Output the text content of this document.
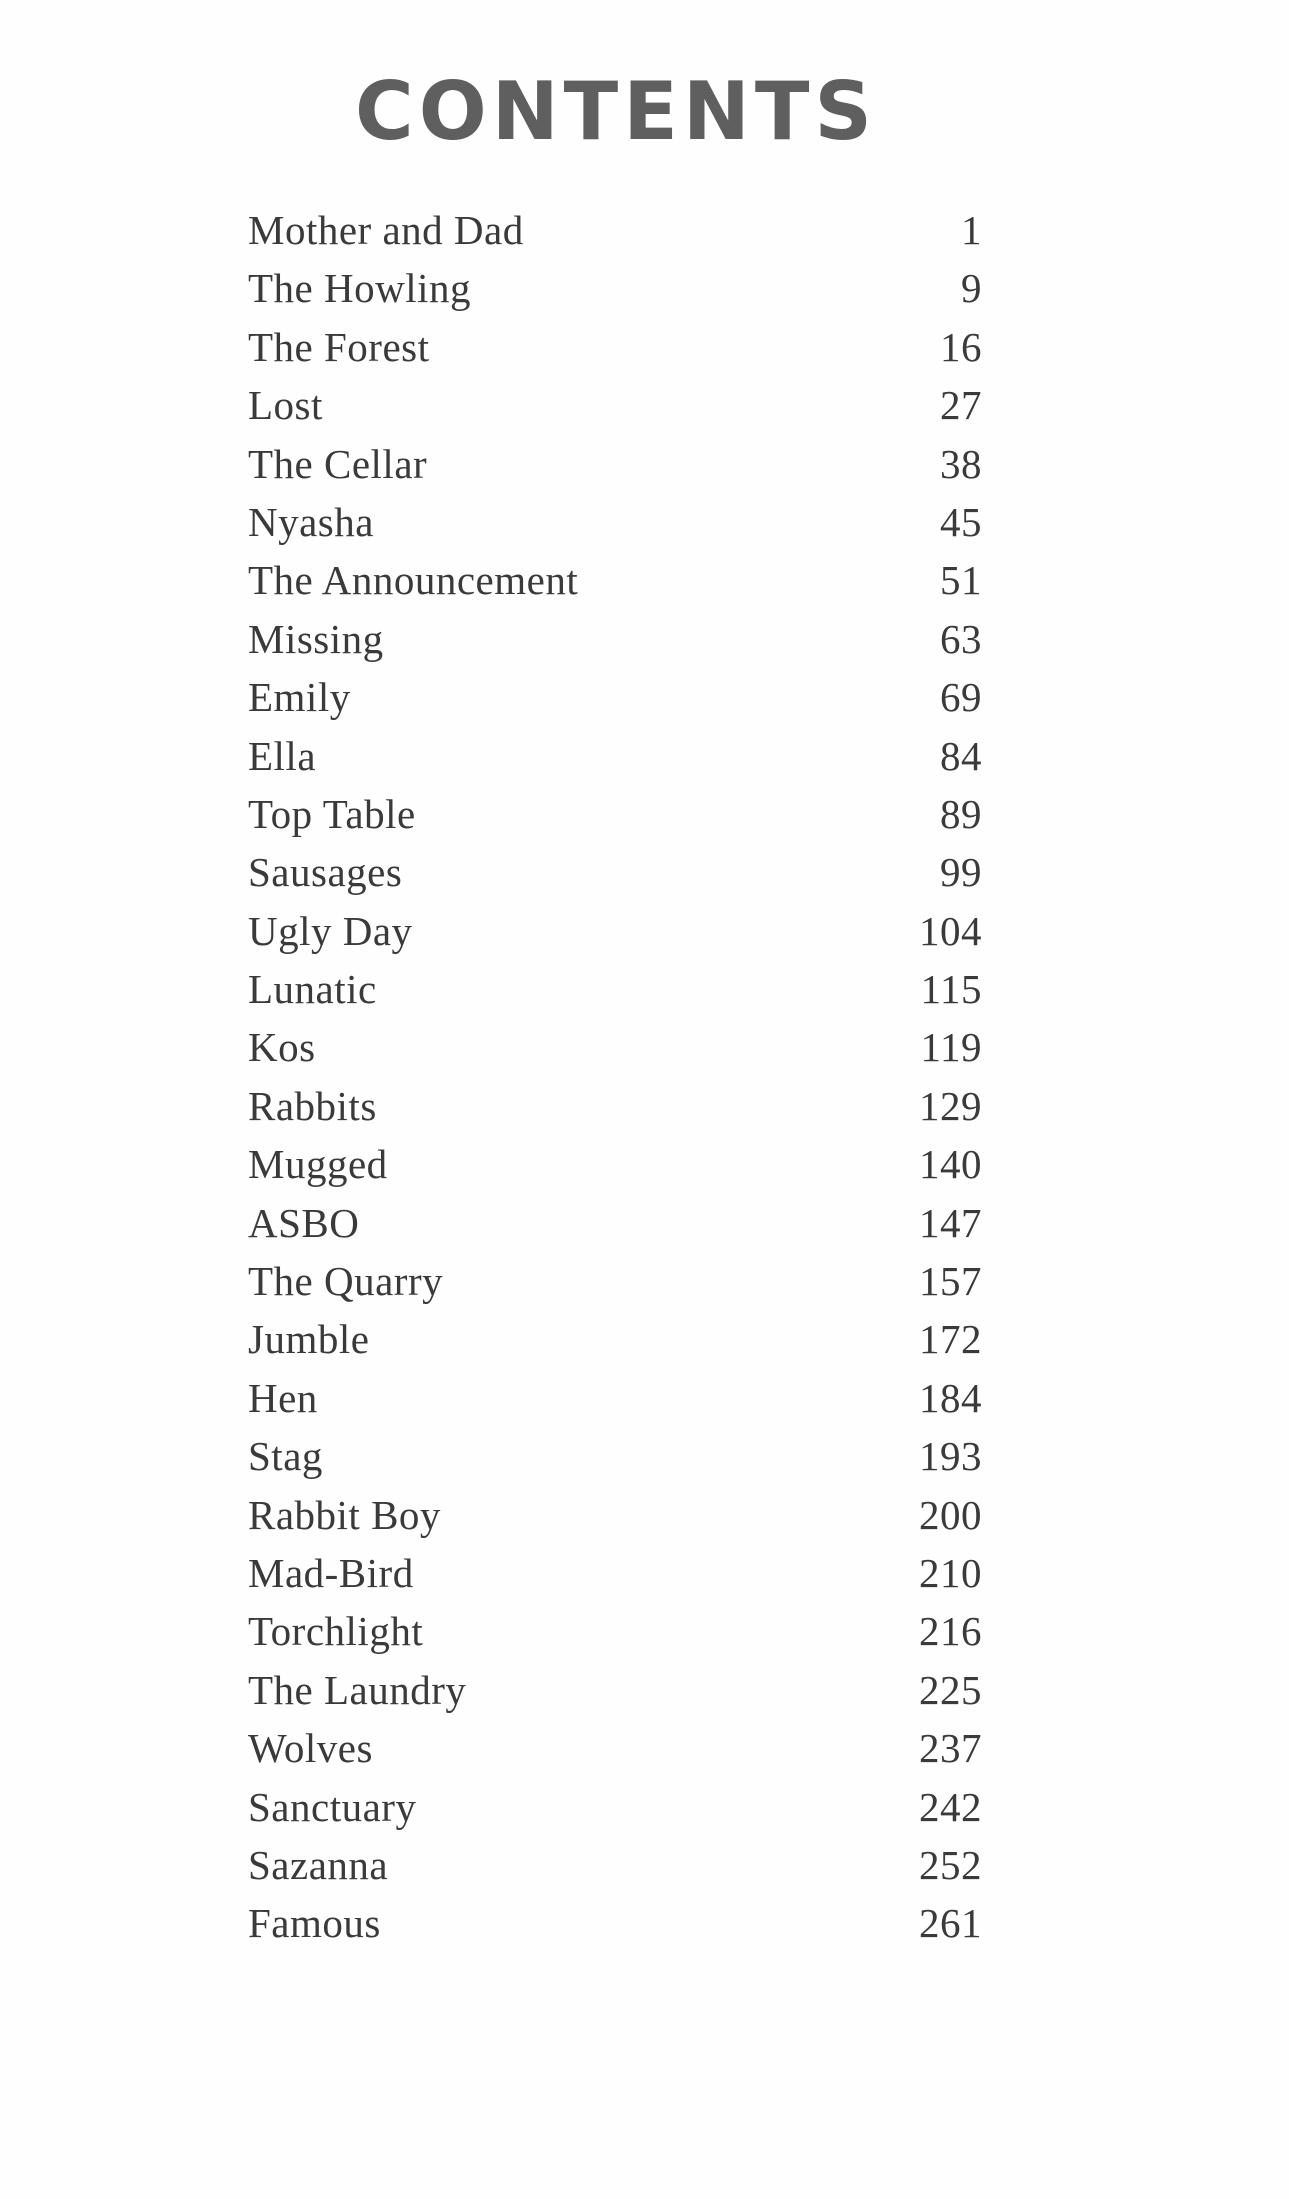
CONTENTS
Mother and Dad	1
The Howling	9
The Forest	16
Lost	27
The Cellar	38
Nyasha	45
The Announcement	51
Missing	63
Emily	69
Ella	84
Top Table	89
Sausages	99
Ugly Day	104
Lunatic	115
Kos	119
Rabbits	129
Mugged	140
ASBO	147
The Quarry	157
Jumble	172
Hen	184
Stag	193
Rabbit Boy	200
Mad-Bird	210
Torchlight	216
The Laundry	225
Wolves	237
Sanctuary	242
Sazanna	252
Famous	261
